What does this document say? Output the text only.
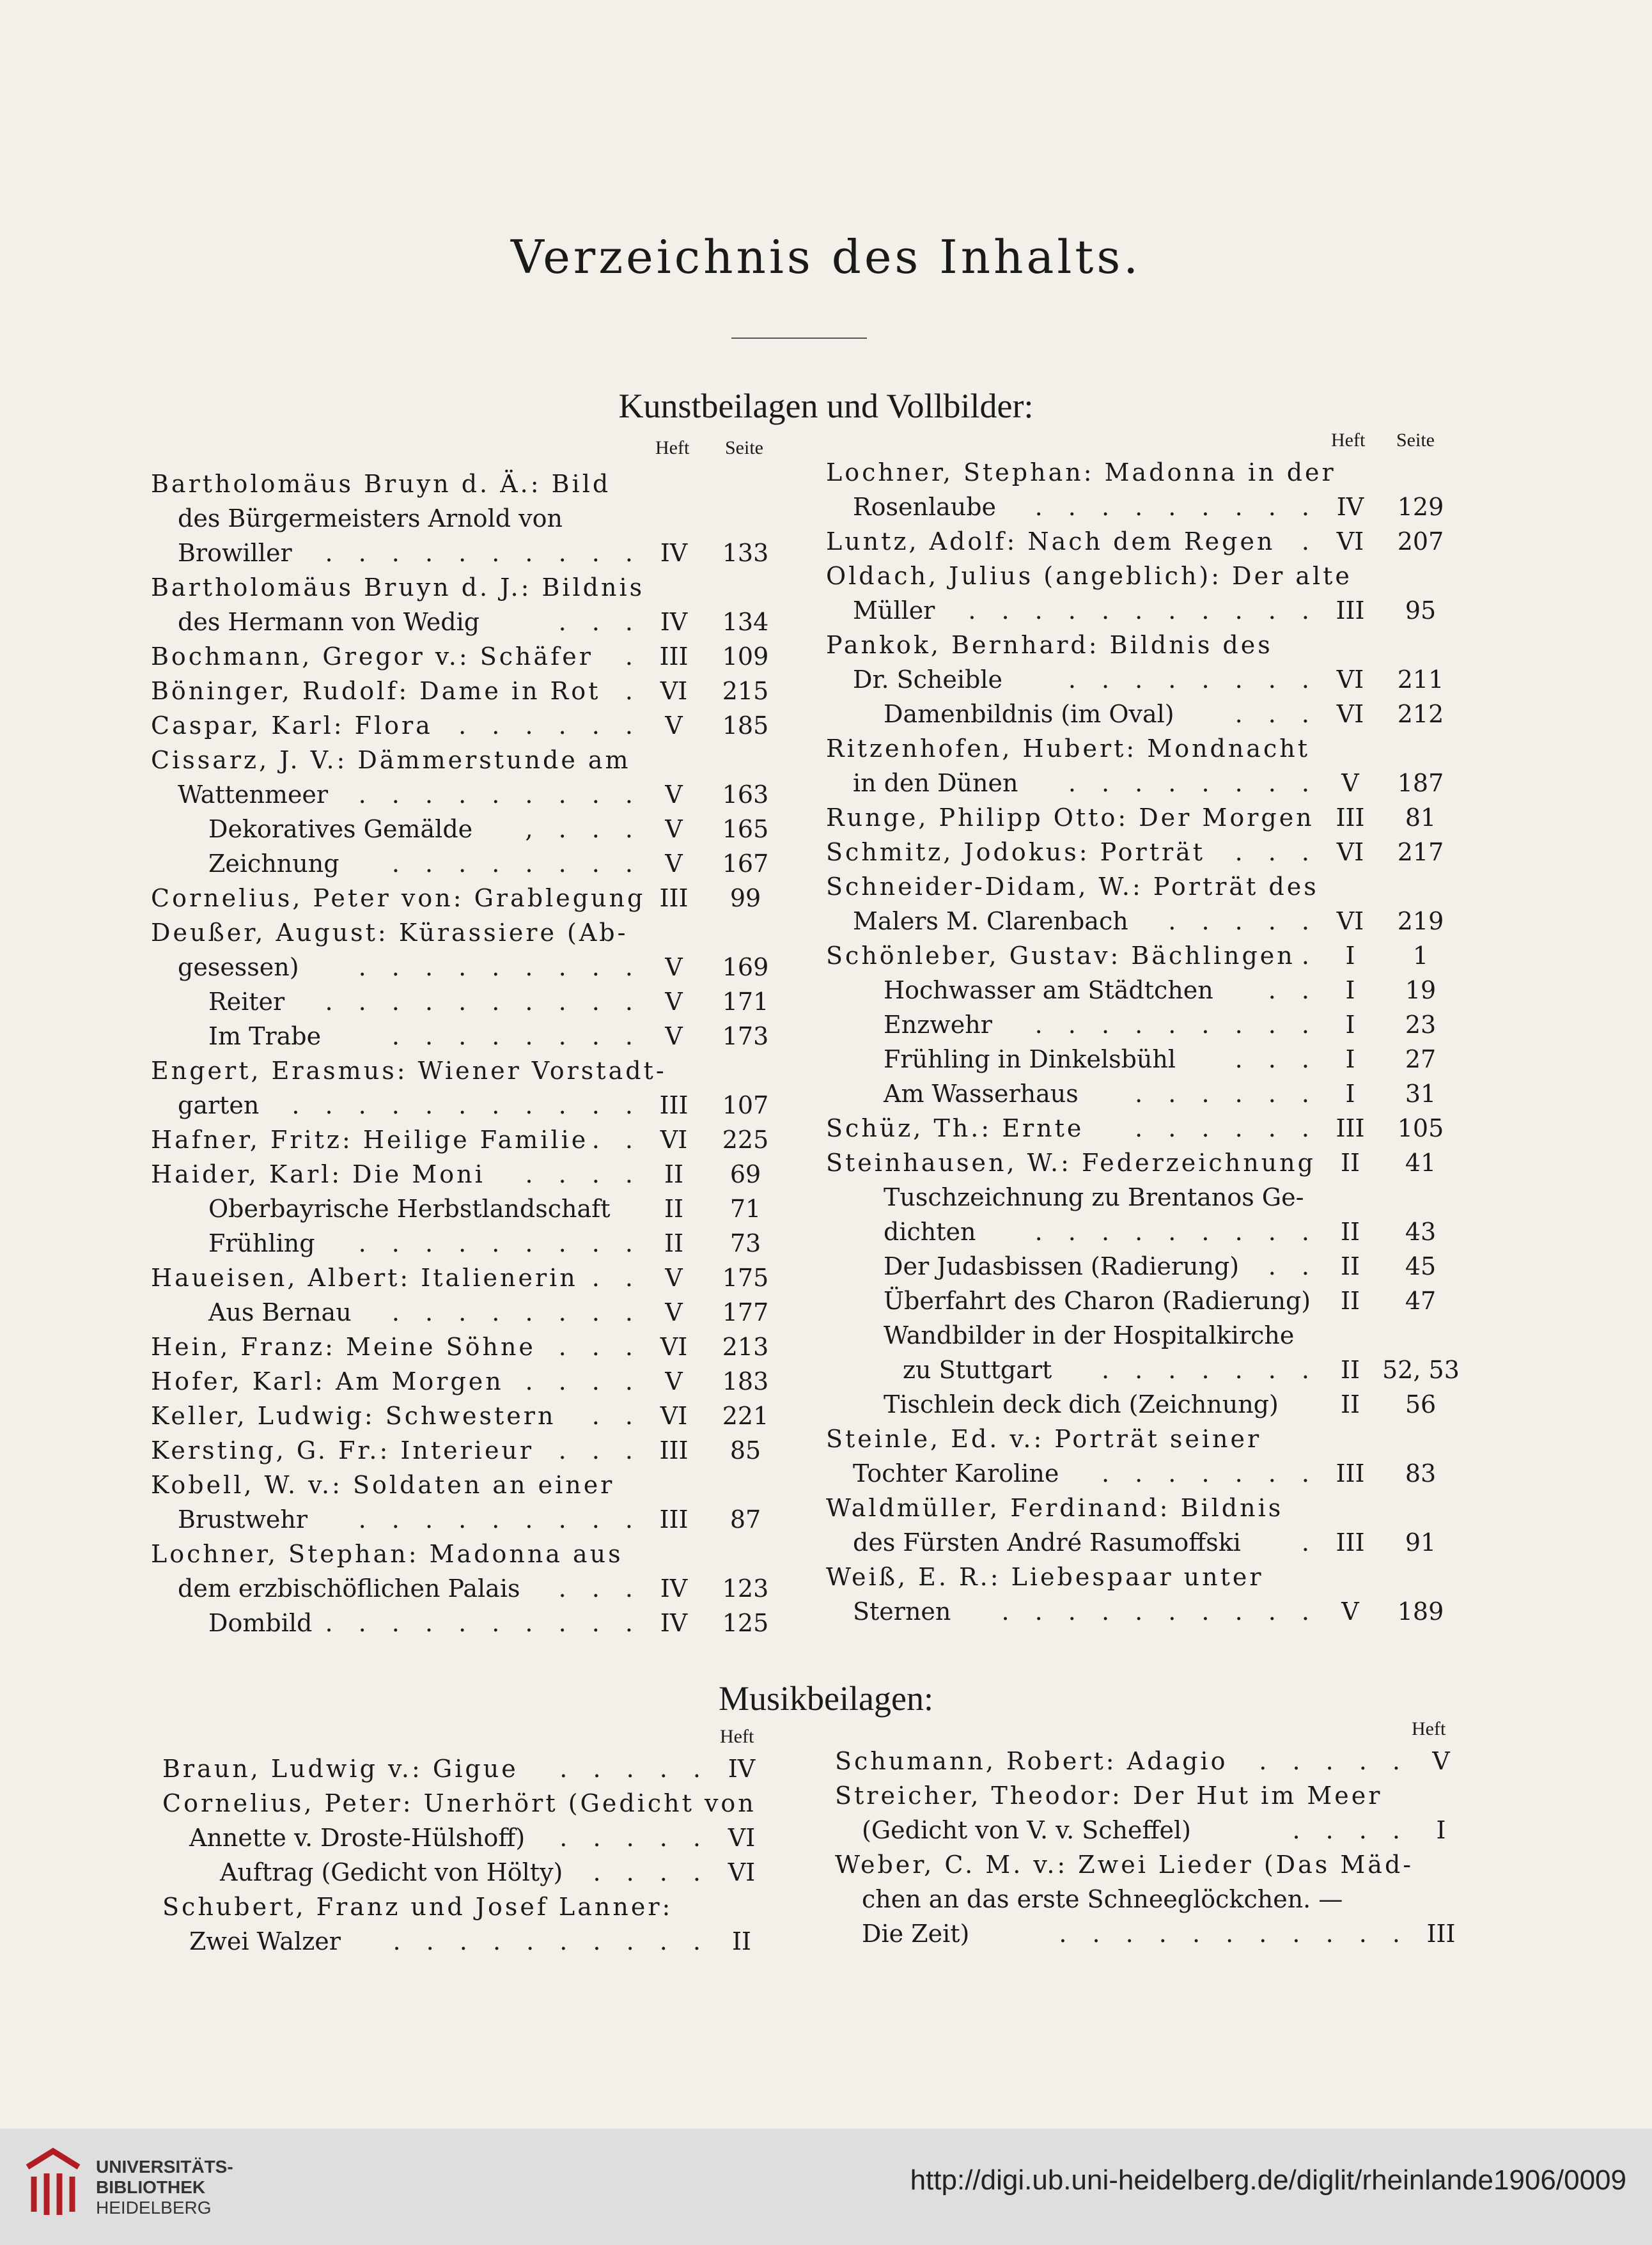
Verzeichnis des Inhalts.
Kunstbeilagen und Vollbilder:
Heft Seite	Heft Seite
Bartholomäus Bruyn d. Ä.: Bild
des Bürgermeisters Arnold von
Browiller . . . . . . . . . . IV	133
Bartholomäus Bruyn d. J.: Bildnis
des Hermann von Wedig	. . . IV	134
Bochmann, Gregor v.: Schäfer . III	109
Böninger, Rudolf: Dame in Rot . VI	215
Caspar, Karl: Flora . . . . . . V	185
Cissarz, J. V.: Dämmerstunde am
Wattenmeer . . . . . . . . . V	163
Dekoratives Gemälde , . . . V	165
Zeichnung . . . . . . . . V	167
Cornelius, Peter von: Grablegung III	99
Deußer, August: Kürassiere (Ab-
gesessen) . . . . . . . . . V	169
Reiter . . . . . . . . . . V	171
Im Trabe	. . . . . . . . V	173
Engert, Erasmus: Wiener Vorstadt-
garten . . . . . . . . . . . III	107
Hafner, Fritz: Heilige Familie . . VI	225
Haider, Karl: Die Moni . . . . II	69
Oberbayrische Herbstlandschaft	II	71
Frühling . . . . . . . . . II	73
Haueisen, Albert: Italienerin . . V	175
Aus Bernau . . . . . . . . V	177
Hein, Franz: Meine Söhne . . . VI	213
Hofer, Karl: Am Morgen . . . . V	183
Keller, Ludwig: Schwestern . . VI	221
Kersting, G. Fr.: Interieur . . . III	85
Kobell, W. v.: Soldaten an einer
Brustwehr . . . . . . . . . III	87
Lochner, Stephan: Madonna aus
dem erzbischöflichen Palais . . . IV	123
Dombild . . . . . . . . . . IV	125
Lochner, Stephan: Madonna in der
Rosenlaube . . . . . . . . . IV	129
Luntz, Adolf: Nach dem Regen . VI	207
Oldach, Julius (angeblich): Der alte
Müller . . . . . . . . . . . III	95
Pankok, Bernhard: Bildnis des
Dr. Scheible	. . . . . . . . VI	211
Damenbildnis (im Oval) . . . VI	212
Ritzenhofen, Hubert: Mondnacht
in den Dünen . . . . . . . . V	187
Runge, Philipp Otto: Der Morgen III	81
Schmitz, Jodokus: Porträt . . . VI	217
Schneider-Didam, W.: Porträt des
Malers M. Clarenbach . . . . . VI	219
Schönleber, Gustav: Bächlingen .	I	1
Hochwasser am Städtchen . .	I	19
Enzwehr . . . . . . . . .	I	23
Frühling in Dinkelsbühl . . .	I	27
Am Wasserhaus . . . . . .	I	31
Schüz, Th.: Ernte . . . . . . III	105
Steinhausen, W.: Federzeichnung	II	41
Tuschzeichnung zu Brentanos Ge-
dichten . . . . . . . . . II	43
Der Judasbissen (Radierung) . . II	45
Überfahrt des Charon (Radierung)	II	47
Wandbilder in der Hospitalkirche
zu Stuttgart . . . . . . . II 52, 53
Tischlein deck dich (Zeichnung)	II	56
Steinle, Ed. v.: Porträt seiner
Tochter Karoline . . . . . . . III	83
Waldmüller, Ferdinand: Bildnis
des Fürsten André Rasumoffski	. III	91
Weiß, E. R.: Liebespaar unter
Sternen . . . . . . . . . . V	189
Musikbeilagen:
Heft	Heft
Braun, Ludwig v.: Gigue . . . . . IV
Cornelius, Peter: Unerhört (Gedicht von
Annette v. Droste-Hülshoff) . . . . . VI
Auftrag (Gedicht von Hölty) . . . . VI
Schubert, Franz und Josef Lanner:
Zwei Walzer . . . . . . . . . . II
Schumann, Robert: Adagio . . . . . V
Streicher, Theodor: Der Hut im Meer
(Gedicht von V. v. Scheffel)	. . . .	I
Weber, C. M. v.: Zwei Lieder (Das Mäd-
chen an das erste Schneeglöckchen. —
Die Zeit)	. . . . . . . . . . . III
UNIVERSITÄTS-
BIBLIOTHEK
HEIDELBERG
http://digi.ub.uni-heidelberg.de/diglit/rheinlande1906/0009
